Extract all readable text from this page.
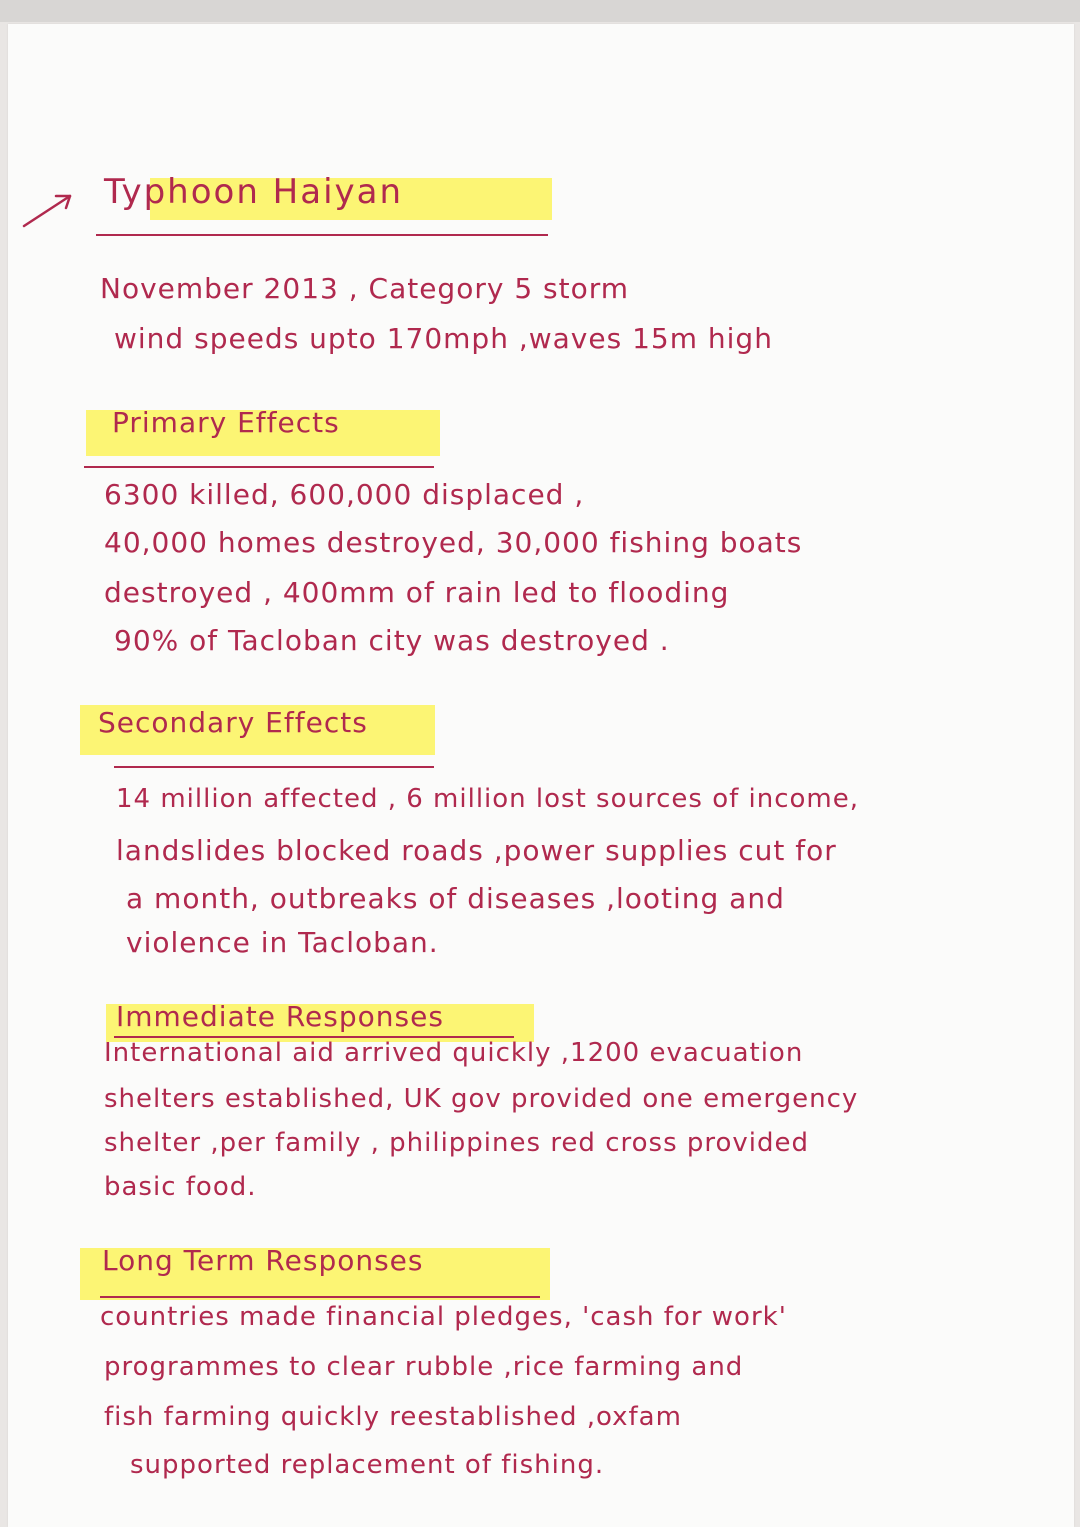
Typhoon Haiyan
November 2013 , Category 5 storm
wind speeds upto 170mph ,waves 15m high
Primary Effects
6300 killed, 600,000 displaced ,
40,000 homes destroyed, 30,000 fishing boats
destroyed , 400mm of rain led to flooding
90% of Tacloban city was destroyed .
Secondary Effects
14 million affected , 6 million lost sources of income,
landslides blocked roads ,power supplies cut for
a month, outbreaks of diseases ,looting and
violence in Tacloban.
Immediate Responses
International aid arrived quickly ,1200 evacuation
shelters established, UK gov provided one emergency
shelter ,per family , philippines red cross provided
basic food.
Long Term Responses
countries made financial pledges, 'cash for work'
programmes to clear rubble ,rice farming and
fish farming quickly reestablished ,oxfam
supported replacement of fishing.
